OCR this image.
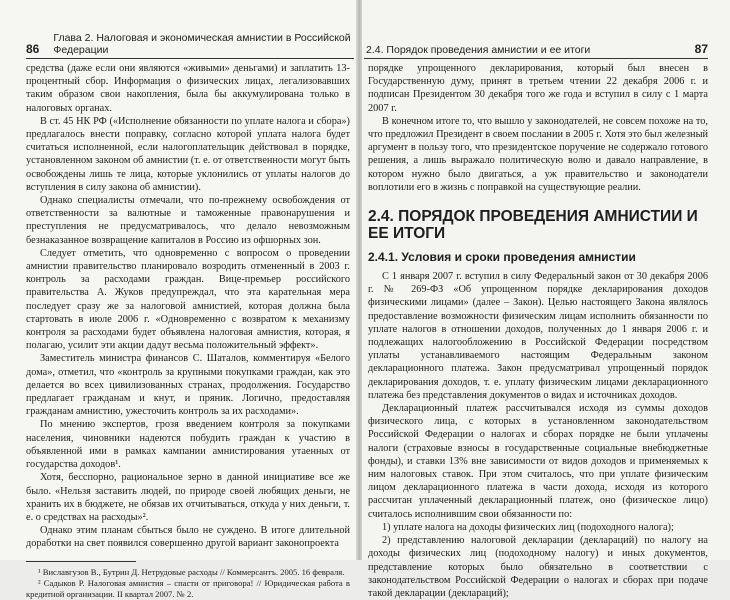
86
Глава 2. Налоговая и экономическая амнистии в Российской Федерации

средства (даже если они являются «живыми» деньгами) и заплатить 13-процентный сбор. Информация о физических лицах, легализовавших таким образом свои накопления, была бы аккумулирована только в налоговых органах.

В ст. 45 НК РФ («Исполнение обязанности по уплате налога и сбора») предлагалось внести поправку, согласно которой уплата налога будет считаться исполненной, если налогоплательщик действовал в порядке, установленном законом об амнистии (т. е. от ответственности могут быть освобождены лишь те лица, которые уклонились от уплаты налогов до вступления в силу закона об амнистии).

Однако специалисты отмечали, что по-прежнему освобождения от ответственности за валютные и таможенные правонарушения и преступления не предусматривалось, что делало невозможным безнаказанное возвращение капиталов в Россию из офшорных зон.

Следует отметить, что одновременно с вопросом о проведении амнистии правительство планировало возродить отмененный в 2003 г. контроль за расходами граждан. Вице-премьер российского правительства А. Жуков предупреждал, что эта карательная мера последует сразу же за налоговой амнистией, которая должна была стартовать в июле 2006 г. «Одновременно с возвратом к механизму контроля за расходами будет объявлена налоговая амнистия, которая, я полагаю, усилит эти акции дадут весьма положительный эффект».

Заместитель министра финансов С. Шаталов, комментируя «Белого дома», отметил, что «контроль за крупными покупками граждан, как это делается во всех цивилизованных странах, продолжения. Государство предлагает гражданам и кнут, и пряник. Логично, предоставляя гражданам амнистию, ужесточить контроль за их расходами».

По мнению экспертов, грозя введением контроля за покупками населения, чиновники надеются побудить граждан к участию в объявленной ими в рамках кампании амнистирования утаенных от государства доходов¹.

Хотя, бесспорно, рациональное зерно в данной инициативе все же было. «Нельзя заставить людей, по природе своей любящих деньги, не хранить их в бюджете, не обязав их отчитываться, откуда у них деньги, т. е. о средствах на расходы»².

Однако этим планам сбыться было не суждено. В итоге длительной доработки на свет появился совершенно другой вариант законопроекта

¹ Виславгузов В., Бутрин Д. Нетрудовые расходы // Коммерсантъ. 2005. 16 февраля.
² Садыков Р. Налоговая амнистия – спасти от приговора! // Юридическая работа в кредитной организации. II квартал 2007. № 2.
2.4. Порядок проведения амнистии и ее итоги	87

порядке упрощенного декларирования, который был внесен в Государственную думу, принят в третьем чтении 22 декабря 2006 г. и подписан Президентом 30 декабря того же года и вступил в силу с 1 марта 2007 г.

В конечном итоге то, что вышло у законодателей, не совсем похоже на то, что предложил Президент в своем послании в 2005 г. Хотя это был железный аргумент в пользу того, что президентское поручение не содержало готового решения, а лишь выражало политическую волю и давало направление, в котором нужно было двигаться, а уж правительство и законодатели воплотили его в жизнь с поправкой на существующие реалии.

2.4. ПОРЯДОК ПРОВЕДЕНИЯ АМНИСТИИ И ЕЕ ИТОГИ
2.4.1. Условия и сроки проведения амнистии

С 1 января 2007 г. вступил в силу Федеральный закон от 30 декабря 2006 г. № 269-ФЗ «Об упрощенном порядке декларирования доходов физическими лицами» (далее – Закон). Целью настоящего Закона являлось предоставление возможности физическим лицам исполнить обязанности по уплате налогов в отношении доходов, полученных до 1 января 2006 г. и подлежащих налогообложению в Российской Федерации посредством уплаты устанавливаемого настоящим Федеральным законом декларационного платежа. Закон предусматривал упрощенный порядок декларирования доходов, т. е. уплату физическим лицами декларационного платежа без представления документов о видах и источниках доходов.

Декларационный платеж рассчитывался исходя из суммы доходов физического лица, с которых в установленном законодательством Российской Федерации о налогах и сборах порядке не были уплачены налоги (страховые взносы в государственные социальные внебюджетные фонды), и ставки 13% вне зависимости от видов доходов и применяемых к ним налоговых ставок. При этом считалось, что при уплате физическим лицом декларационного платежа в части дохода, исходя из которого рассчитан уплаченный декларационный платеж, оно (физическое лицо) считалось исполнившим свои обязанности по:

1) уплате налога на доходы физических лиц (подоходного налога);

2) представлению налоговой декларации (деклараций) по налогу на доходы физических лиц (подоходному налогу) и иных документов, представление которых было обязательно в соответствии с законодательством Российской Федерации о налогах и сборах при подаче такой декларации (деклараций);
